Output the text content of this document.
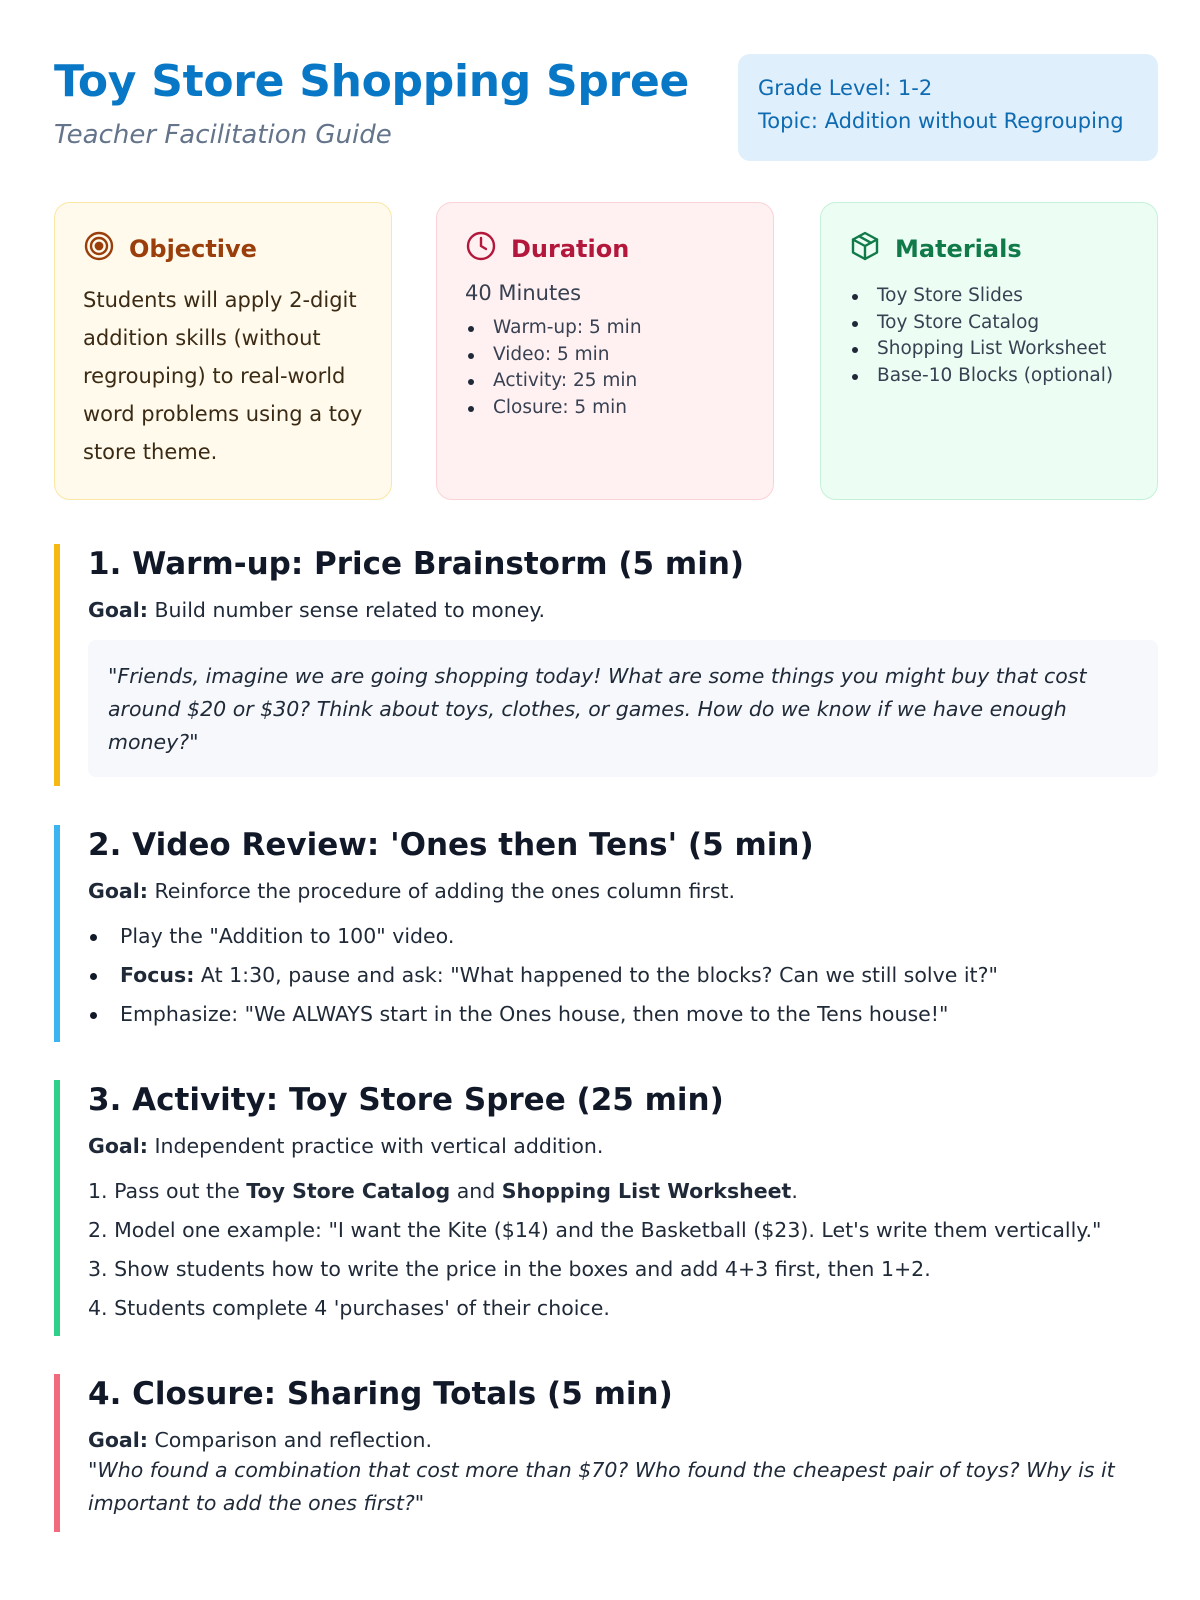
Toy Store Shopping Spree
Teacher Facilitation Guide
Grade Level: 1-2
Topic: Addition without Regrouping
Objective
Students will apply 2-digit addition skills (without regrouping) to real-world word problems using a toy store theme.
Duration
40 Minutes
Warm-up: 5 min
Video: 5 min
Activity: 25 min
Closure: 5 min
Materials
Toy Store Slides
Toy Store Catalog
Shopping List Worksheet
Base-10 Blocks (optional)
1. Warm-up: Price Brainstorm (5 min)
Goal: Build number sense related to money.
"Friends, imagine we are going shopping today! What are some things you might buy that cost around $20 or $30? Think about toys, clothes, or games. How do we know if we have enough money?"
2. Video Review: 'Ones then Tens' (5 min)
Goal: Reinforce the procedure of adding the ones column first.
Play the "Addition to 100" video.
Focus: At 1:30, pause and ask: "What happened to the blocks? Can we still solve it?"
Emphasize: "We ALWAYS start in the Ones house, then move to the Tens house!"
3. Activity: Toy Store Spree (25 min)
Goal: Independent practice with vertical addition.
1. Pass out the Toy Store Catalog and Shopping List Worksheet.
2. Model one example: "I want the Kite ($14) and the Basketball ($23). Let's write them vertically."
3. Show students how to write the price in the boxes and add 4+3 first, then 1+2.
4. Students complete 4 'purchases' of their choice.
4. Closure: Sharing Totals (5 min)
Goal: Comparison and reflection.
"Who found a combination that cost more than $70? Who found the cheapest pair of toys? Why is it important to add the ones first?"
